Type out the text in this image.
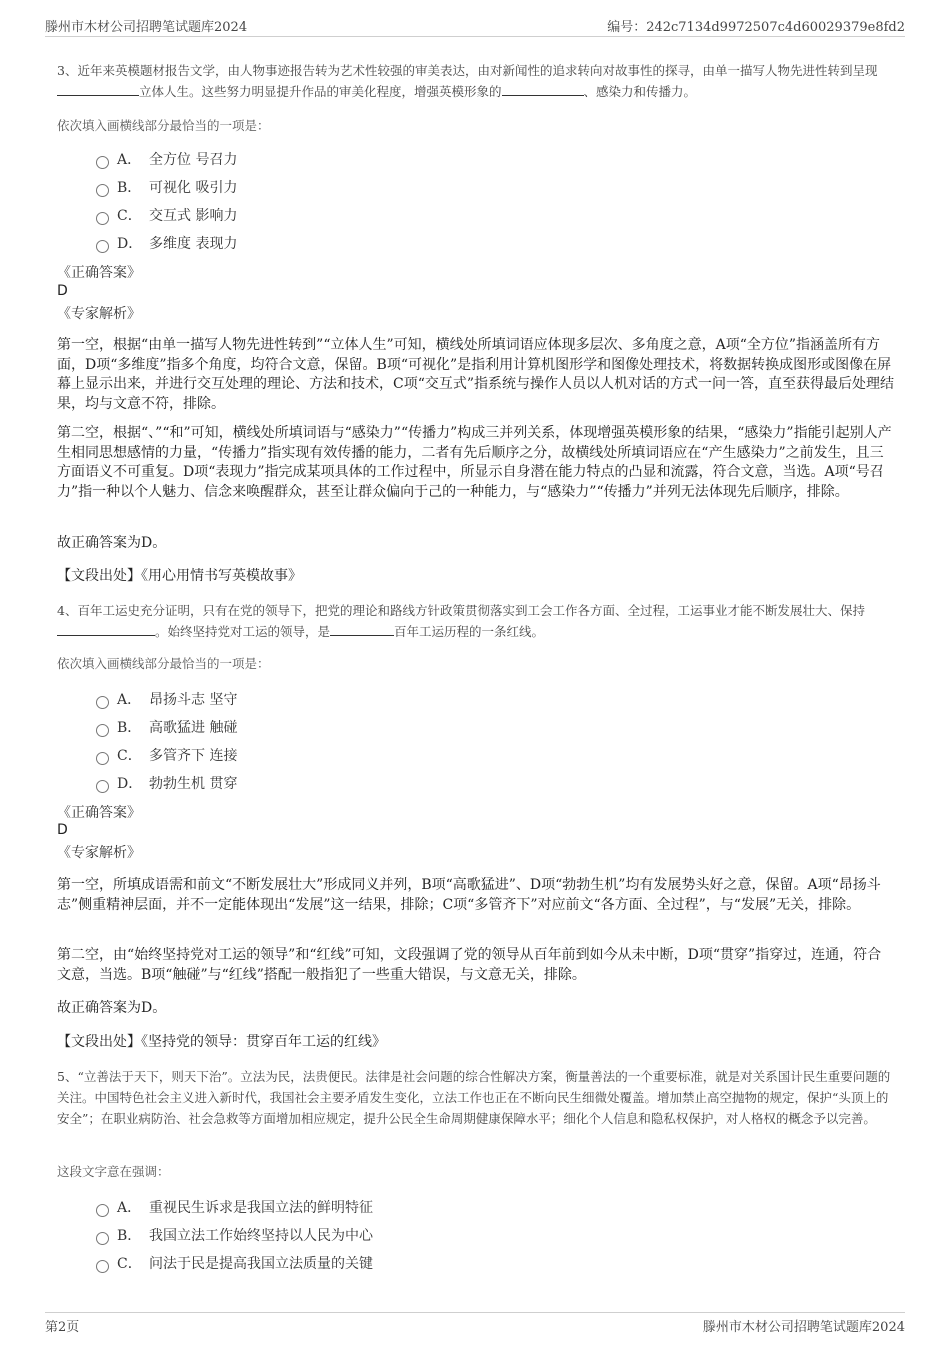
滕州市木材公司招聘笔试题库2024	编号：242c7134d9972507c4d60029379e8fd2
3、近年来英模题材报告文学，由人物事迹报告转为艺术性较强的审美表达，由对新闻性的追求转向对故事性的探寻，由单一描写人物先进性转到呈现立体人生。这些努力明显提升作品的审美化程度，增强英模形象的	、感染力和传播力。
依次填入画横线部分最恰当的一项是：
A． 全方位 号召力
B． 可视化 吸引力
C． 交互式 影响力
D． 多维度 表现力
《正确答案》
D
《专家解析》
第一空，根据“由单一描写人物先进性转到”“立体人生”可知，横线处所填词语应体现多层次、多角度之意，A项“全方位”指涵盖所有方面，D项“多维度”指多个角度，均符合文意，保留。B项“可视化”是指利用计算机图形学和图像处理技术，将数据转换成图形或图像在屏幕上显示出来，并进行交互处理的理论、方法和技术，C项“交互式”指系统与操作人员以人机对话的方式一问一答，直至获得最后处理结果，均与文意不符，排除。
第二空，根据“、”“和”可知，横线处所填词语与“感染力”“传播力”构成三并列关系，体现增强英模形象的结果，“感染力”指能引起别人产生相同思想感情的力量，“传播力”指实现有效传播的能力，二者有先后顺序之分，故横线处所填词语应在“产生感染力”之前发生，且三方面语义不可重复。D项“表现力”指完成某项具体的工作过程中，所显示自身潜在能力特点的凸显和流露，符合文意，当选。A项“号召力”指一种以个人魅力、信念来唤醒群众，甚至让群众偏向于己的一种能力，与“感染力”“传播力”并列无法体现先后顺序，排除。
故正确答案为D。
【文段出处】《用心用情书写英模故事》
4、百年工运史充分证明，只有在党的领导下，把党的理论和路线方针政策贯彻落实到工会工作各方面、全过程，工运事业才能不断发展壮大、保持。始终坚持党对工运的领导，是	百年工运历程的一条红线。
依次填入画横线部分最恰当的一项是：
A． 昂扬斗志 坚守
B． 高歌猛进 触碰
C． 多管齐下 连接
D． 勃勃生机 贯穿
《正确答案》
D
《专家解析》
第一空，所填成语需和前文“不断发展壮大”形成同义并列，B项“高歌猛进”、D项“勃勃生机”均有发展势头好之意，保留。A项“昂扬斗志”侧重精神层面，并不一定能体现出“发展”这一结果，排除；C项“多管齐下”对应前文“各方面、全过程”，与“发展”无关，排除。
第二空，由“始终坚持党对工运的领导”和“红线”可知，文段强调了党的领导从百年前到如今从未中断，D项“贯穿”指穿过，连通，符合文意，当选。B项“触碰”与“红线”搭配一般指犯了一些重大错误，与文意无关，排除。
故正确答案为D。
【文段出处】《坚持党的领导：贯穿百年工运的红线》
5、“立善法于天下，则天下治”。立法为民，法贵便民。法律是社会问题的综合性解决方案，衡量善法的一个重要标准，就是对关系国计民生重要问题的关注。中国特色社会主义进入新时代，我国社会主要矛盾发生变化，立法工作也正在不断向民生细微处覆盖。增加禁止高空抛物的规定，保护“头顶上的安全”；在职业病防治、社会急救等方面增加相应规定，提升公民全生命周期健康保障水平；细化个人信息和隐私权保护，对人格权的概念予以完善。
这段文字意在强调：
A． 重视民生诉求是我国立法的鲜明特征
B． 我国立法工作始终坚持以人民为中心
C． 问法于民是提高我国立法质量的关键
第2页	滕州市木材公司招聘笔试题库2024
